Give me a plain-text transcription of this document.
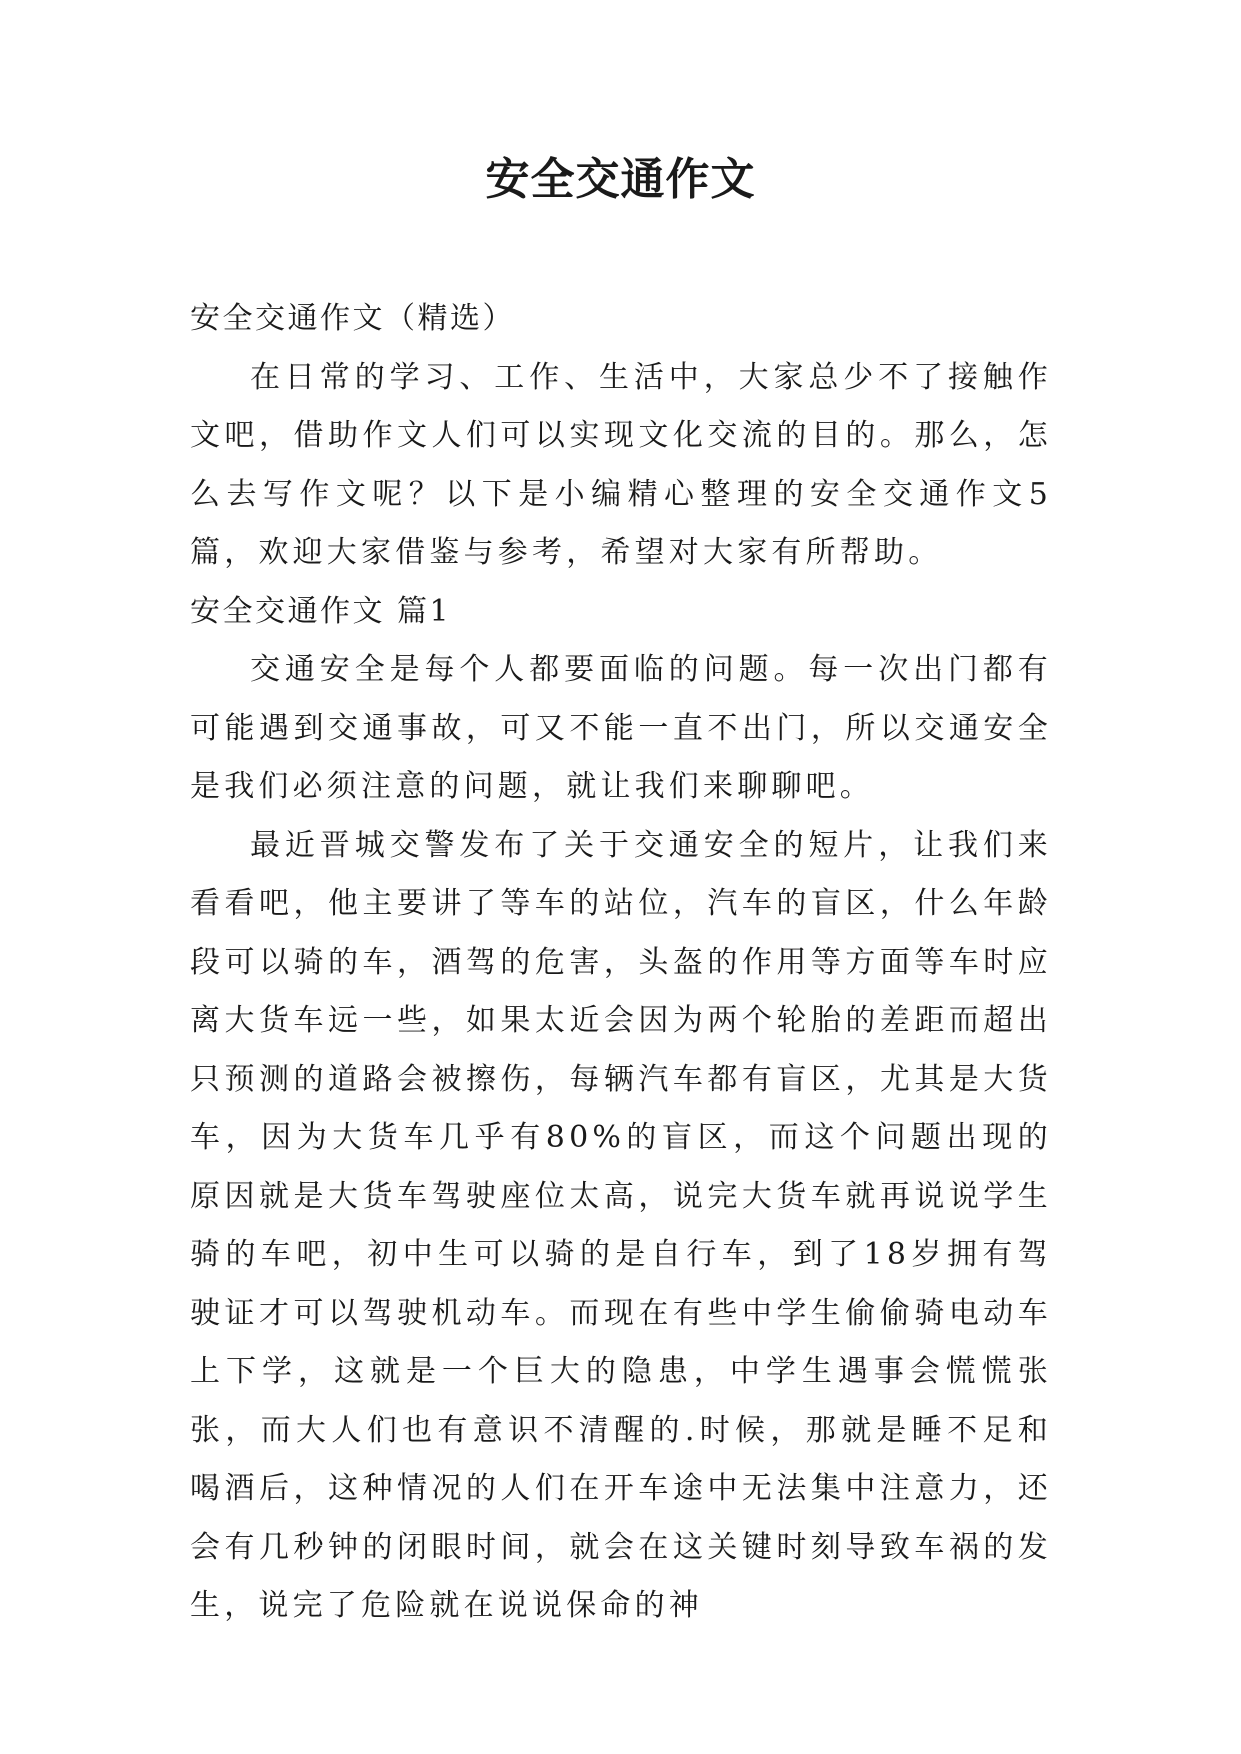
安全交通作文

安全交通作文（精选）

在日常的学习、工作、生活中，大家总少不了接触作文吧，借助作文人们可以实现文化交流的目的。那么，怎么去写作文呢？以下是小编精心整理的安全交通作文5篇，欢迎大家借鉴与参考，希望对大家有所帮助。

安全交通作文 篇1

交通安全是每个人都要面临的问题。每一次出门都有可能遇到交通事故，可又不能一直不出门，所以交通安全是我们必须注意的问题，就让我们来聊聊吧。

最近晋城交警发布了关于交通安全的短片，让我们来看看吧，他主要讲了等车的站位，汽车的盲区，什么年龄段可以骑的车，酒驾的危害，头盔的作用等方面等车时应离大货车远一些，如果太近会因为两个轮胎的差距而超出只预测的道路会被擦伤，每辆汽车都有盲区，尤其是大货车，因为大货车几乎有80%的盲区，而这个问题出现的原因就是大货车驾驶座位太高，说完大货车就再说说学生骑的车吧，初中生可以骑的是自行车，到了18岁拥有驾驶证才可以驾驶机动车。而现在有些中学生偷偷骑电动车上下学，这就是一个巨大的隐患，中学生遇事会慌慌张张，而大人们也有意识不清醒的.时候，那就是睡不足和喝酒后，这种情况的人们在开车途中无法集中注意力，还会有几秒钟的闭眼时间，就会在这关键时刻导致车祸的发生，说完了危险就在说说保命的神
